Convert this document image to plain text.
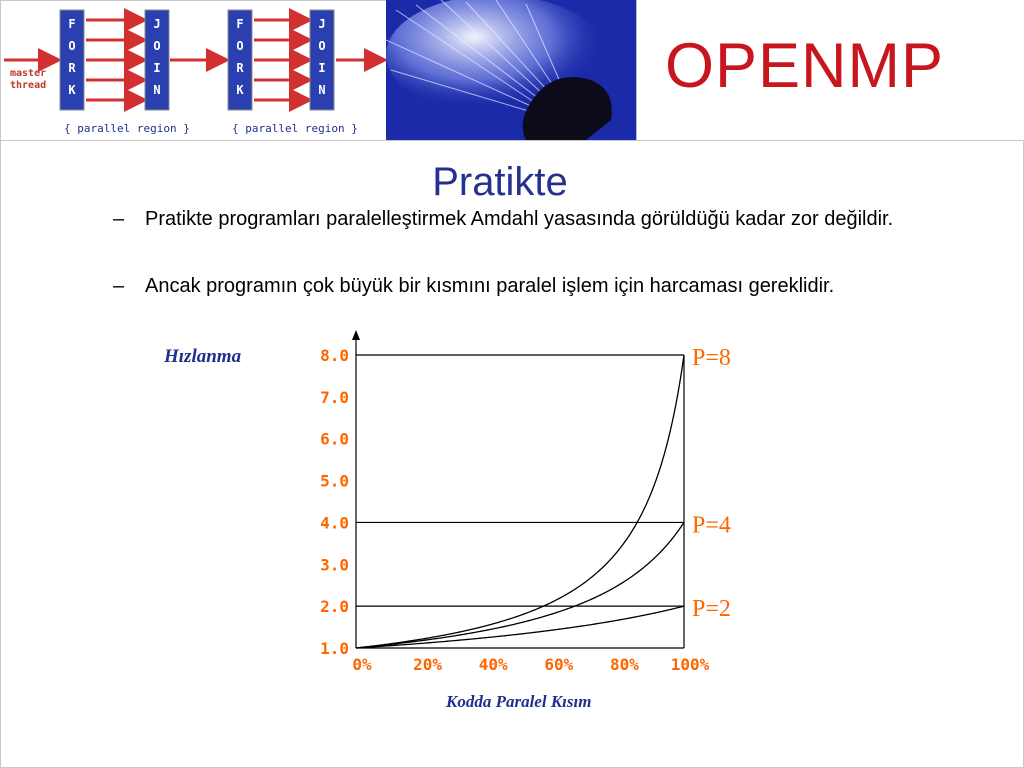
master thread
F
O
R
K
J
O
I
N
{ parallel region }
F
O
R
K
J
O
I
N
{ parallel region }
OPENMP
Pratikte
– Pratikte programları paralelleştirmek Amdahl yasasında görüldüğü kadar zor değildir.
– Ancak programın çok büyük bir kısmını paralel işlem için harcaması gereklidir.
Hızlanma
Kodda Paralel Kısım
1.0
2.0
3.0
4.0
5.0
6.0
7.0
8.0
0%	20% 40% 60% 80% 100%
P=2
P=4
P=8
